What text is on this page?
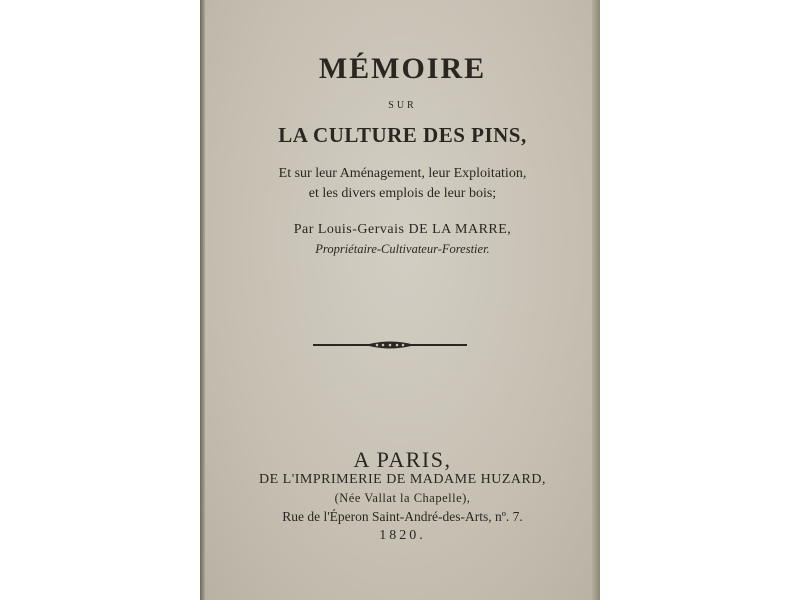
MÉMOIRE
SUR
LA CULTURE DES PINS,
Et sur leur Aménagement, leur Exploitation,
et les divers emplois de leur bois;
Par Louis-Gervais DE LA MARRE,
Propriétaire-Cultivateur-Forestier.
A PARIS,
DE L'IMPRIMERIE DE MADAME HUZARD,
(Née Vallat la Chapelle),
Rue de l'Éperon Saint-André-des-Arts, nº. 7.
1820.
